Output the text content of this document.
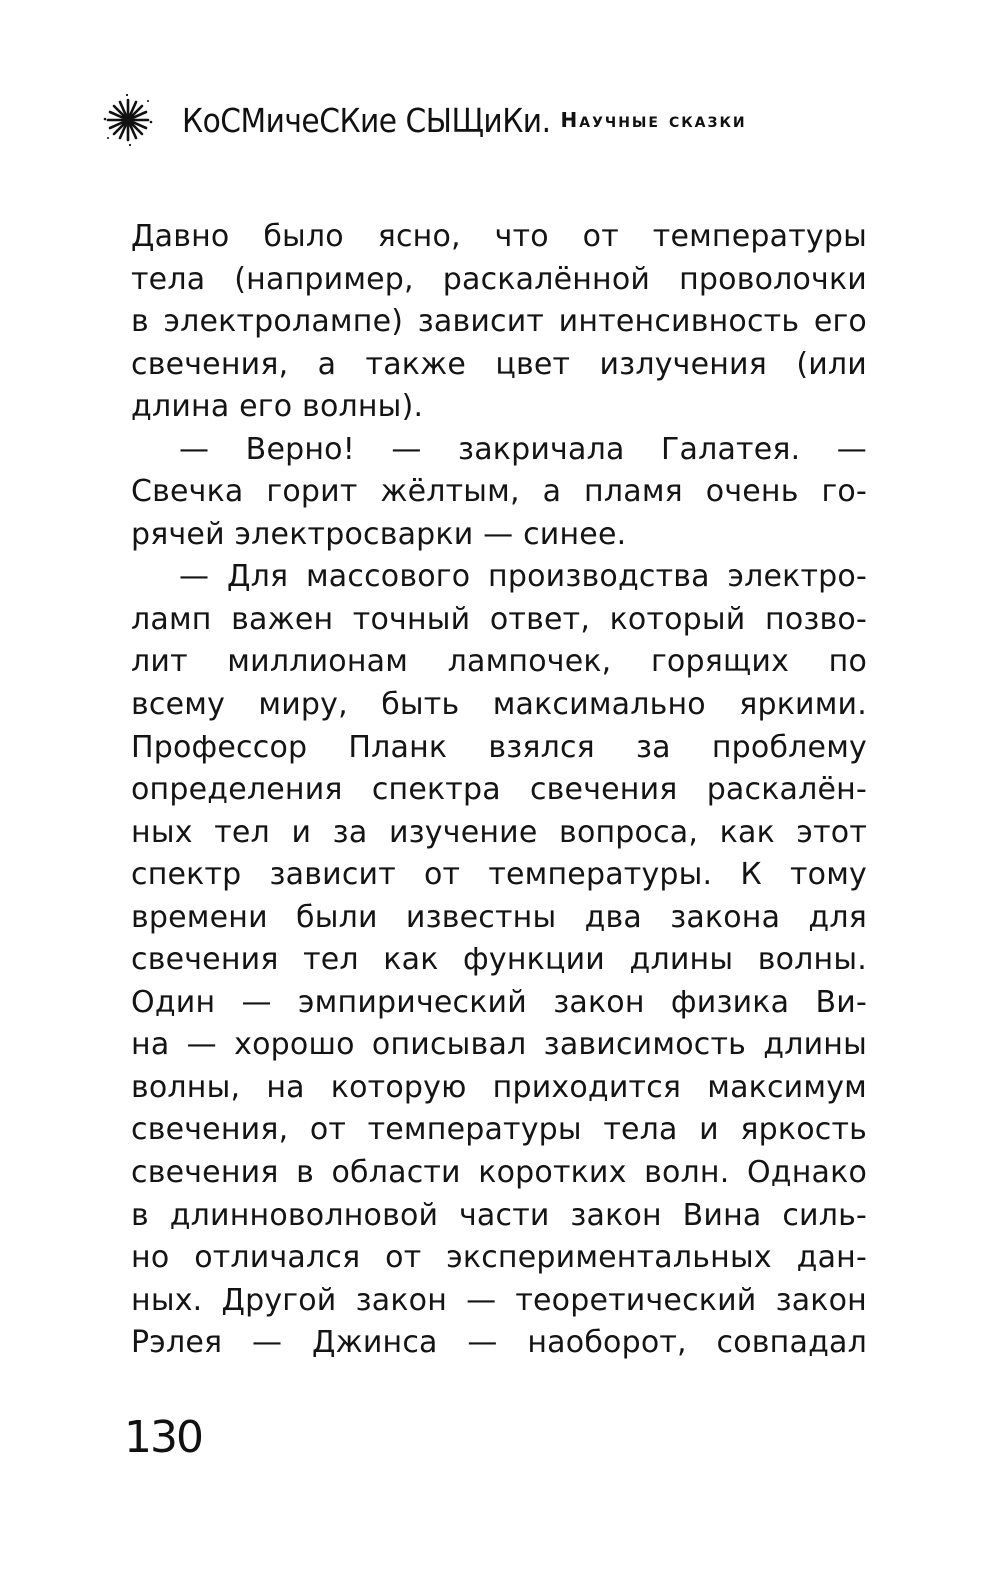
КоСМичеСКие СЫЩиКи. Научные сказки
Давно было ясно, что от температуры
тела (например, раскалённой проволочки
в электролампе) зависит интенсивность его
свечения, а также цвет излучения (или
длина его волны).
— Верно! — закричала Галатея. —
Свечка горит жёлтым, а пламя очень го-
рячей электросварки — синее.
— Для массового производства электро-
ламп важен точный ответ, который позво-
лит миллионам лампочек, горящих по
всему миру, быть максимально яркими.
Профессор Планк взялся за проблему
определения спектра свечения раскалён-
ных тел и за изучение вопроса, как этот
спектр зависит от температуры. К тому
времени были известны два закона для
свечения тел как функции длины волны.
Один — эмпирический закон физика Ви-
на — хорошо описывал зависимость длины
волны, на которую приходится максимум
свечения, от температуры тела и яркость
свечения в области коротких волн. Однако
в длинноволновой части закон Вина силь-
но отличался от экспериментальных дан-
ных. Другой закон — теоретический закон
Рэлея — Джинса — наоборот, совпадал
130
